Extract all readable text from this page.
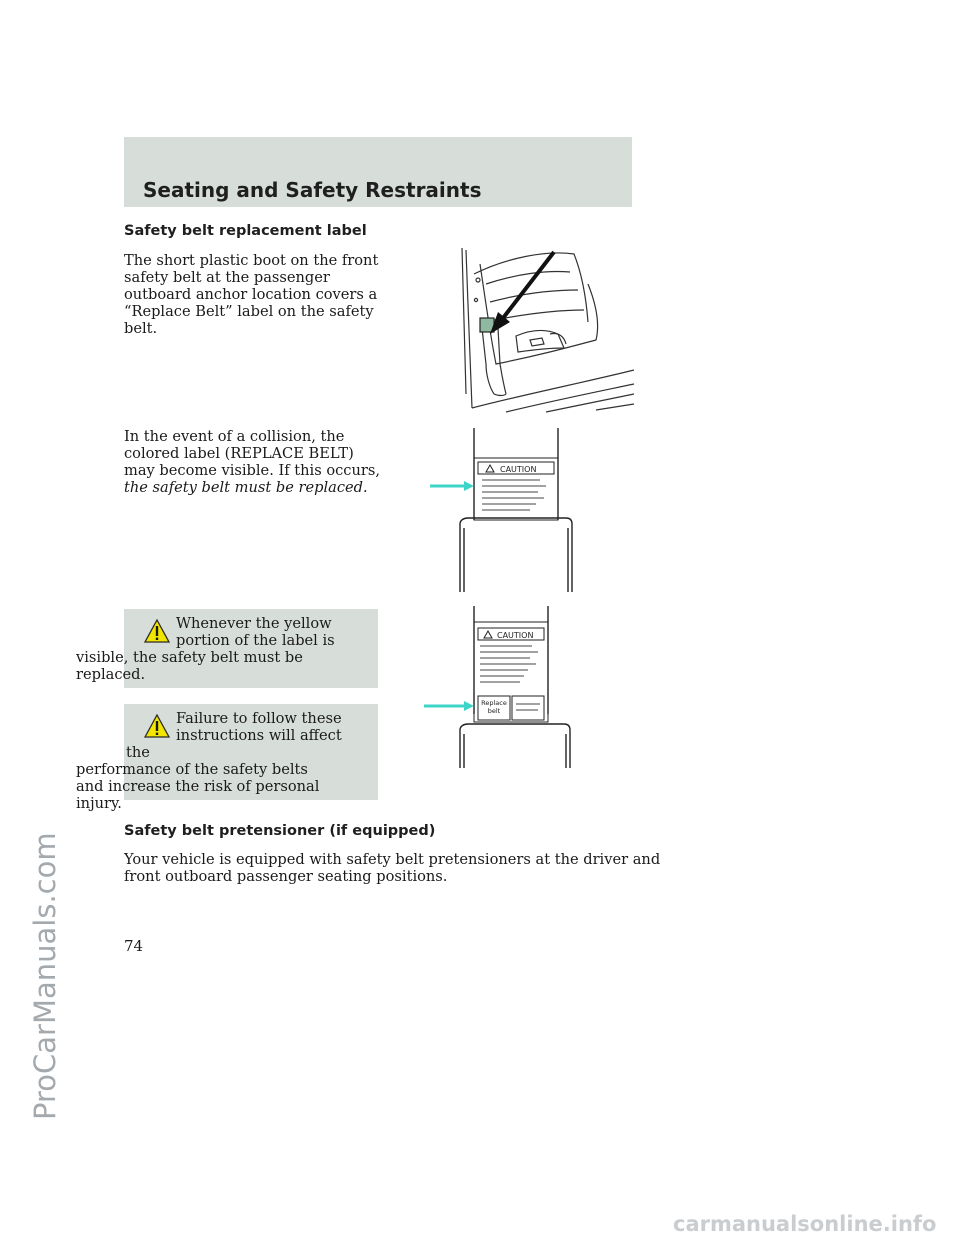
Seating and Safety Restraints
Safety belt replacement label

The short plastic boot on the front
safety belt at the passenger
outboard anchor location covers a
“Replace Belt” label on the safety
belt.

In the event of a collision, the
colored label (REPLACE BELT)
may become visible. If this occurs,
the safety belt must be replaced.

Whenever the yellow
portion of the label is
visible, the safety belt must be
replaced.

Failure to follow these
instructions will affect the
performance of the safety belts
and increase the risk of personal
injury.

Safety belt pretensioner (if equipped)

Your vehicle is equipped with safety belt pretensioners at the driver and
front outboard passenger seating positions.

74

CAUTION
CAUTION
Replace
belt
ProCarManuals.com
carmanualsonline.info
